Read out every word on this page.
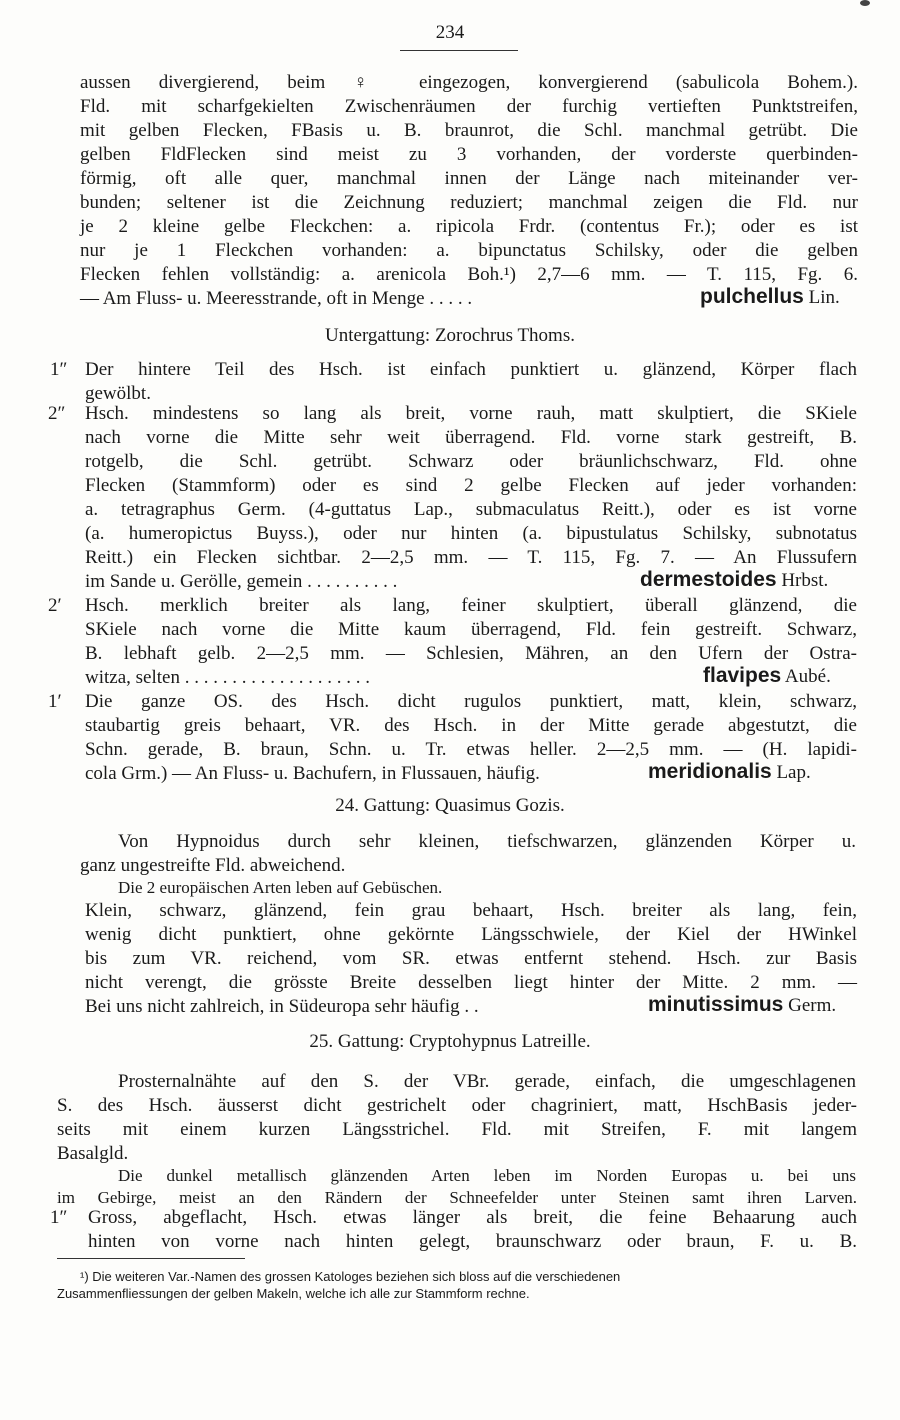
234
aussen divergierend, beim ♀ eingezogen, konvergierend (sabulicola Bohem.).
Fld. mit scharfgekielten Zwischenräumen der furchig vertieften Punktstreifen,
mit gelben Flecken, FBasis u. B. braunrot, die Schl. manchmal getrübt. Die
gelben FldFlecken sind meist zu 3 vorhanden, der vorderste querbinden-
förmig, oft alle quer, manchmal innen der Länge nach miteinander ver-
bunden; seltener ist die Zeichnung reduziert; manchmal zeigen die Fld. nur
je 2 kleine gelbe Fleckchen: a. ripicola Frdr. (contentus Fr.); oder es ist
nur je 1 Fleckchen vorhanden: a. bipunctatus Schilsky, oder die gelben
Flecken fehlen vollständig: a. arenicola Boh.¹) 2,7—6 mm. — T. 115, Fg. 6.
— Am Fluss- u. Meeresstrande, oft in Menge . . . . .	pulchellus Lin.
Untergattung: Zorochrus Thoms.
1″ Der hintere Teil des Hsch. ist einfach punktiert u. glänzend, Körper flach
gewölbt.
2″ Hsch. mindestens so lang als breit, vorne rauh, matt skulptiert, die SKiele
nach vorne die Mitte sehr weit überragend. Fld. vorne stark gestreift, B.
rotgelb, die Schl. getrübt. Schwarz oder bräunlichschwarz, Fld. ohne
Flecken (Stammform) oder es sind 2 gelbe Flecken auf jeder vorhanden:
a. tetragraphus Germ. (4-guttatus Lap., submaculatus Reitt.), oder es ist vorne
(a. humeropictus Buyss.), oder nur hinten (a. bipustulatus Schilsky, subnotatus
Reitt.) ein Flecken sichtbar. 2—2,5 mm. — T. 115, Fg. 7. — An Flussufern
im Sande u. Gerölle, gemein . . . . . . . . . .	dermestoides Hrbst.
2′ Hsch. merklich breiter als lang, feiner skulptiert, überall glänzend, die
SKiele nach vorne die Mitte kaum überragend, Fld. fein gestreift. Schwarz,
B. lebhaft gelb. 2—2,5 mm. — Schlesien, Mähren, an den Ufern der Ostra-
witza, selten . . . . . . . . . . . . . . . . . . . .	flavipes Aubé.
1′ Die ganze OS. des Hsch. dicht rugulos punktiert, matt, klein, schwarz,
staubartig greis behaart, VR. des Hsch. in der Mitte gerade abgestutzt, die
Schn. gerade, B. braun, Schn. u. Tr. etwas heller. 2—2,5 mm. — (H. lapidi-
cola Grm.) — An Fluss- u. Bachufern, in Flussauen, häufig.	meridionalis Lap.
24. Gattung: Quasimus Gozis.
Von Hypnoidus durch sehr kleinen, tiefschwarzen, glänzenden Körper u.
ganz ungestreifte Fld. abweichend.
Die 2 europäischen Arten leben auf Gebüschen.
Klein, schwarz, glänzend, fein grau behaart, Hsch. breiter als lang, fein,
wenig dicht punktiert, ohne gekörnte Längsschwiele, der Kiel der HWinkel
bis zum VR. reichend, vom SR. etwas entfernt stehend. Hsch. zur Basis
nicht verengt, die grösste Breite desselben liegt hinter der Mitte. 2 mm. —
Bei uns nicht zahlreich, in Südeuropa sehr häufig . .	minutissimus Germ.
25. Gattung: Cryptohypnus Latreille.
Prosternalnähte auf den S. der VBr. gerade, einfach, die umgeschlagenen
S. des Hsch. äusserst dicht gestrichelt oder chagriniert, matt, HschBasis jeder-
seits mit einem kurzen Längsstrichel. Fld. mit Streifen, F. mit langem
Basalgld.
Die dunkel metallisch glänzenden Arten leben im Norden Europas u. bei uns
im Gebirge, meist an den Rändern der Schneefelder unter Steinen samt ihren Larven.
1″ Gross, abgeflacht, Hsch. etwas länger als breit, die feine Behaarung auch
hinten von vorne nach hinten gelegt, braunschwarz oder braun, F. u. B.
¹) Die weiteren Var.-Namen des grossen Katologes beziehen sich bloss auf die verschiedenen
Zusammenfliessungen der gelben Makeln, welche ich alle zur Stammform rechne.
